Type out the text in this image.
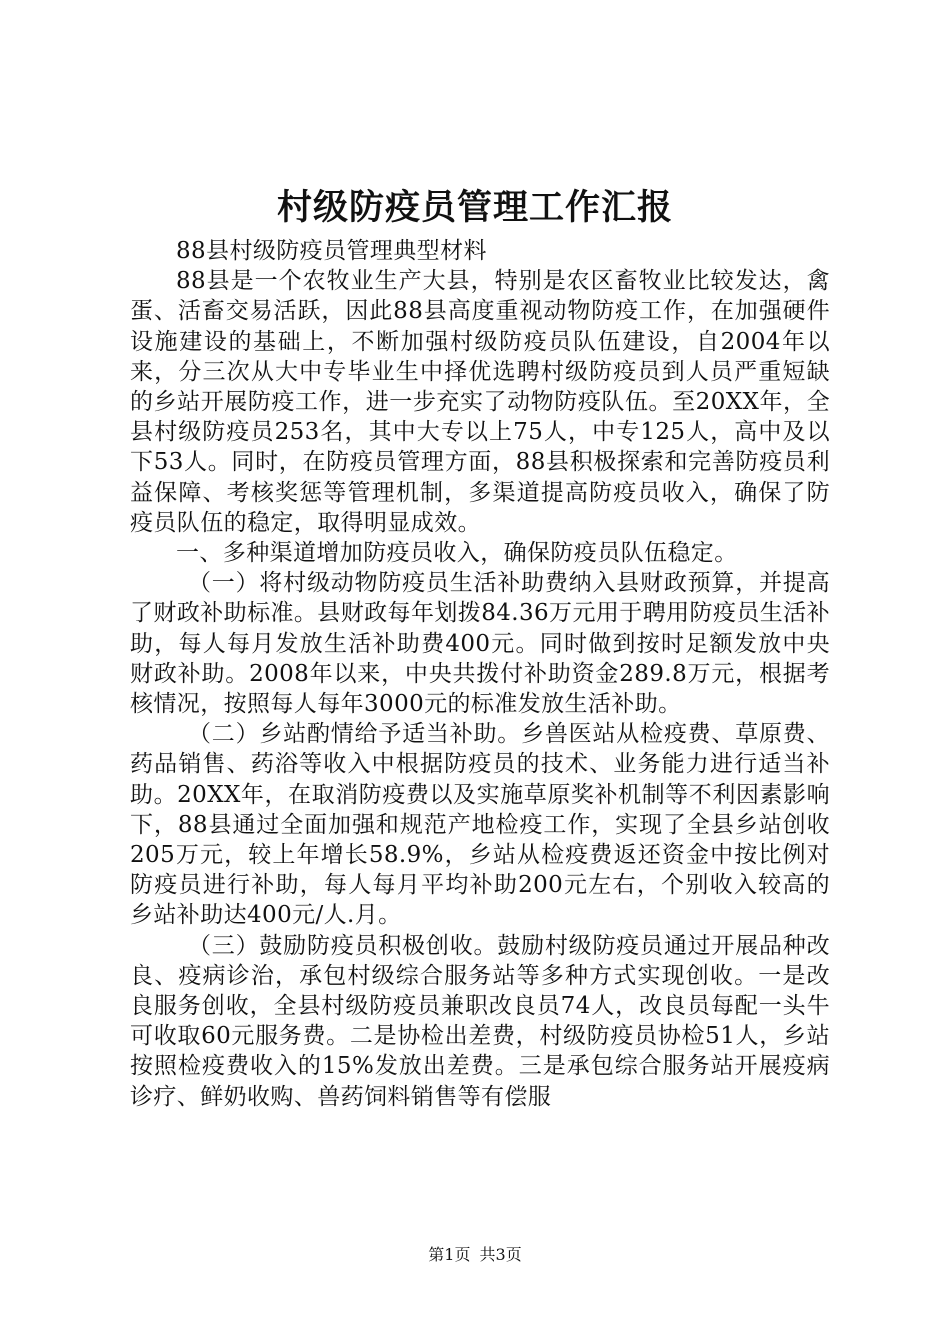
村级防疫员管理工作汇报

88县村级防疫员管理典型材料

88县是一个农牧业生产大县，特别是农区畜牧业比较发达，禽蛋、活畜交易活跃，因此88县高度重视动物防疫工作，在加强硬件设施建设的基础上，不断加强村级防疫员队伍建设，自2004年以来，分三次从大中专毕业生中择优选聘村级防疫员到人员严重短缺的乡站开展防疫工作，进一步充实了动物防疫队伍。至20XX年，全县村级防疫员253名，其中大专以上75人，中专125人，高中及以下53人。同时，在防疫员管理方面，88县积极探索和完善防疫员利益保障、考核奖惩等管理机制，多渠道提高防疫员收入，确保了防疫员队伍的稳定，取得明显成效。

一、多种渠道增加防疫员收入，确保防疫员队伍稳定。

（一）将村级动物防疫员生活补助费纳入县财政预算，并提高了财政补助标准。县财政每年划拨84.36万元用于聘用防疫员生活补助，每人每月发放生活补助费400元。同时做到按时足额发放中央财政补助。2008年以来，中央共拨付补助资金289.8万元，根据考核情况，按照每人每年3000元的标准发放生活补助。

（二）乡站酌情给予适当补助。乡兽医站从检疫费、草原费、药品销售、药浴等收入中根据防疫员的技术、业务能力进行适当补助。20XX年，在取消防疫费以及实施草原奖补机制等不利因素影响下，88县通过全面加强和规范产地检疫工作，实现了全县乡站创收205万元，较上年增长58.9%，乡站从检疫费返还资金中按比例对防疫员进行补助，每人每月平均补助200元左右，个别收入较高的乡站补助达400元/人.月。

（三）鼓励防疫员积极创收。鼓励村级防疫员通过开展品种改良、疫病诊治，承包村级综合服务站等多种方式实现创收。一是改良服务创收，全县村级防疫员兼职改良员74人，改良员每配一头牛可收取60元服务费。二是协检出差费，村级防疫员协检51人，乡站按照检疫费收入的15%发放出差费。三是承包综合服务站开展疫病诊疗、鲜奶收购、兽药饲料销售等有偿服

第1页 共3页
